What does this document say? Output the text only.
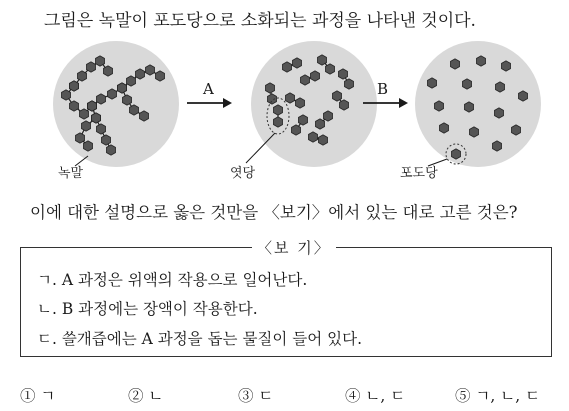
그림은 녹말이 포도당으로 소화되는 과정을 나타낸 것이다.
A	B
녹말	엿당	포도당
이에 대한 설명으로 옳은 것만을 〈보기〉에서 있는 대로 고른 것은?
〈보 기〉
ㄱ. A 과정은 위액의 작용으로 일어난다.
ㄴ. B 과정에는 장액이 작용한다.
ㄷ. 쓸개즙에는 A 과정을 돕는 물질이 들어 있다.
① ㄱ	② ㄴ	③ ㄷ	④ ㄴ, ㄷ	⑤ ㄱ, ㄴ, ㄷ
